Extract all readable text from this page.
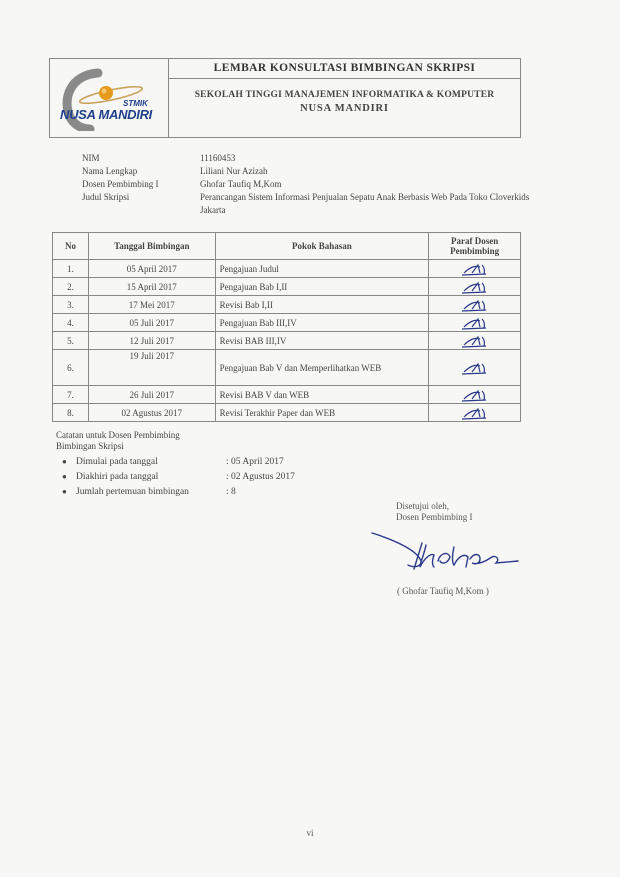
STMIK
NUSA MANDIRI
LEMBAR KONSULTASI BIMBINGAN SKRIPSI
SEKOLAH TINGGI MANAJEMEN INFORMATIKA & KOMPUTER
NUSA MANDIRI
NIM	11160453
Nama Lengkap	Liliani Nur Azizah
Dosen Pembimbing I	Ghofar Taufiq M,Kom
Judul Skripsi	Perancangan Sistem Informasi Penjualan Sepatu Anak Berbasis Web Pada Toko Cloverkids Jakarta
No	Tanggal Bimbingan	Pokok Bahasan	Paraf Dosen Pembimbing
1.	05 April 2017	Pengajuan Judul	

2.	15 April 2017	Pengajuan Bab I,II	

3.	17 Mei 2017	Revisi Bab I,II	

4.	05 Juli 2017	Pengajuan Bab III,IV	

5.	12 Juli 2017	Revisi BAB III,IV	

6.	19 Juli 2017	Pengajuan Bab V dan Memperlihatkan WEB	

7.	26 Juli 2017	Revisi BAB V dan WEB	

8.	02 Agustus 2017	Revisi Terakhir Paper dan WEB	
Catatan untuk Dosen Pembimbing
Bimbingan Skripsi
● Dimulai pada tanggal	: 05 April 2017
● Diakhiri pada tanggal	: 02 Agustus 2017
● Jumlah pertemuan bimbingan	: 8
Disetujui oleh,
Dosen Pembimbing I
( Ghofar Taufiq M,Kom )
vi
